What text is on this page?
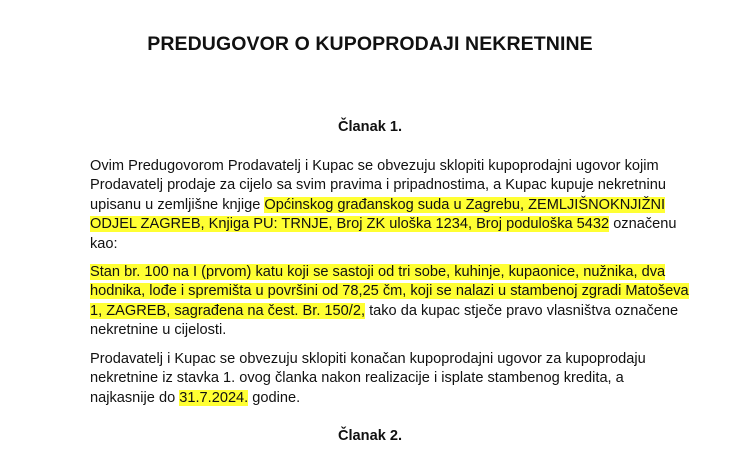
PREDUGOVOR O KUPOPRODAJI NEKRETNINE
Članak 1.
Ovim Predugovorom Prodavatelj i Kupac se obvezuju sklopiti kupoprodajni ugovor kojim
Prodavatelj prodaje za cijelo sa svim pravima i pripadnostima, a Kupac kupuje nekretninu
upisanu u zemljišne knjige Općinskog građanskog suda u Zagrebu, ZEMLJIŠNOKNJIŽNI
ODJEL ZAGREB, Knjiga PU: TRNJE, Broj ZK uloška 1234, Broj poduloška 5432 označenu
kao:
Stan br. 100 na I (prvom) katu koji se sastoji od tri sobe, kuhinje, kupaonice, nužnika, dva
hodnika, lođe i spremišta u površini od 78,25 čm, koji se nalazi u stambenoj zgradi Matoševa
1, ZAGREB, sagrađena na čest. Br. 150/2, tako da kupac stječe pravo vlasništva označene
nekretnine u cijelosti.
Prodavatelj i Kupac se obvezuju sklopiti konačan kupoprodajni ugovor za kupoprodaju
nekretnine iz stavka 1. ovog članka nakon realizacije i isplate stambenog kredita, a
najkasnije do 31.7.2024. godine.
Članak 2.
